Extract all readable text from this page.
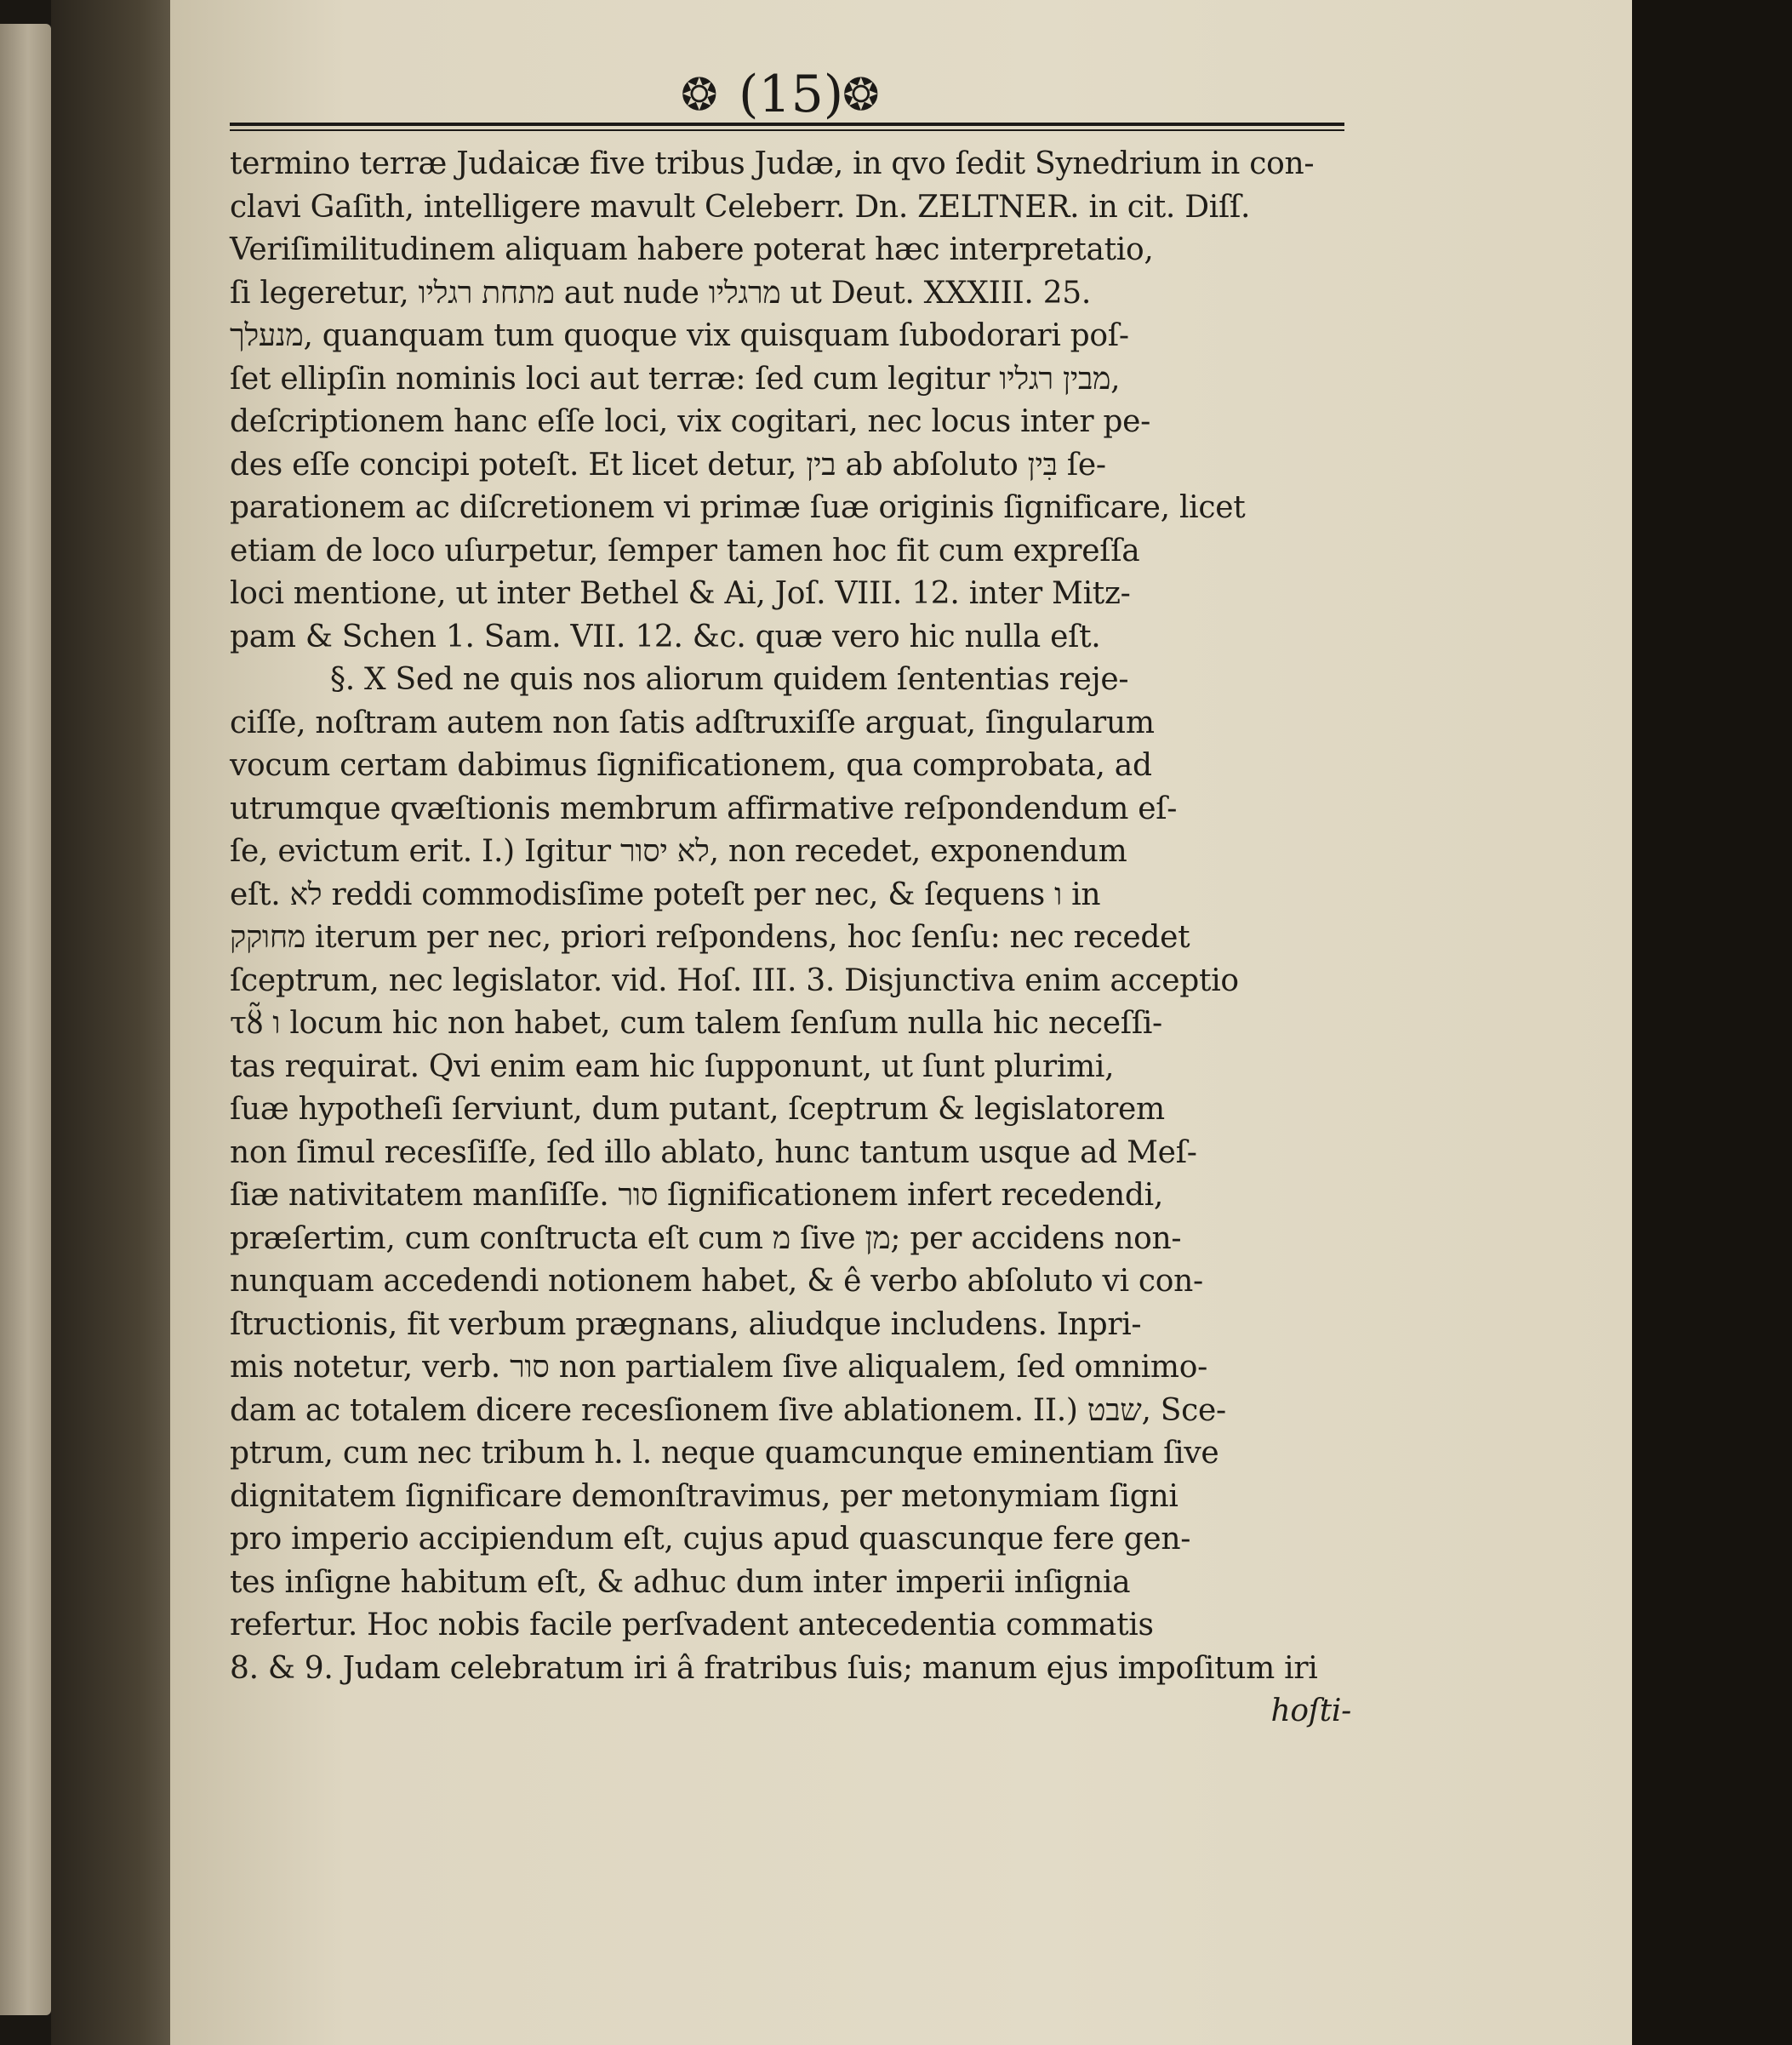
❂ (15)
❂
termino terræ Judaicæ five tribus Judæ, in qvo ſedit Synedrium in con-
clavi Gaſith, intelligere mavult Celeberr. Dn. ZELTNER. in cit. Diſſ.
Veriſimilitudinem aliquam habere poterat hæc interpretatio,
ſi legeretur, מתחת רגליו aut nude מרגליו ut Deut. XXXIII. 25.
מנעלך, quanquam tum quoque vix quisquam ſubodorari poſ-
ſet ellipſin nominis loci aut terræ: ſed cum legitur מבין רגליו,
deſcriptionem hanc eſſe loci, vix cogitari, nec locus inter pe-
des eſſe concipi poteſt. Et licet detur, בין ab abſoluto בִּין ſe-
parationem ac diſcretionem vi primæ ſuæ originis ſignificare, licet
etiam de loco uſurpetur, ſemper tamen hoc fit cum expreſſa
loci mentione, ut inter Bethel & Ai, Joſ. VIII. 12. inter Mitz-
pam & Schen 1. Sam. VII. 12. &c. quæ vero hic nulla eſt.
§. X Sed ne quis nos aliorum quidem ſententias reje-
ciſſe, noſtram autem non ſatis adſtruxiſſe arguat, ſingularum
vocum certam dabimus ſignificationem, qua comprobata, ad
utrumque qvæſtionis membrum affirmative reſpondendum eſ-
ſe, evictum erit. I.) Igitur לא יסור, non recedet, exponendum
eſt. לא reddi commodisſime poteſt per nec, & ſequens ו in
מחוקק iterum per nec, priori reſpondens, hoc ſenſu: nec recedet
ſceptrum, nec legislator. vid. Hoſ. III. 3. Disjunctiva enim acceptio
τȣ̃ ו locum hic non habet, cum talem ſenſum nulla hic neceſſi-
tas requirat. Qvi enim eam hic ſupponunt, ut ſunt plurimi,
ſuæ hypotheſi ſerviunt, dum putant, ſceptrum & legislatorem
non ſimul recesſiſſe, ſed illo ablato, hunc tantum usque ad Meſ-
ſiæ nativitatem manſiſſe. סור ſignificationem infert recedendi,
præſertim, cum conſtructa eſt cum מ ſive מן; per accidens non-
nunquam accedendi notionem habet, & ê verbo abſoluto vi con-
ſtructionis, fit verbum prægnans, aliudque includens. Inpri-
mis notetur, verb. סור non partialem ſive aliqualem, ſed omnimo-
dam ac totalem dicere recesſionem ſive ablationem. II.) שבט, Sce-
ptrum, cum nec tribum h. l. neque quamcunque eminentiam ſive
dignitatem ſignificare demonſtravimus, per metonymiam ſigni
pro imperio accipiendum eſt, cujus apud quascunque fere gen-
tes inſigne habitum eſt, & adhuc dum inter imperii inſignia
refertur. Hoc nobis facile perſvadent antecedentia commatis
8. & 9. Judam celebratum iri â fratribus ſuis; manum ejus impoſitum iri
hoſti-
